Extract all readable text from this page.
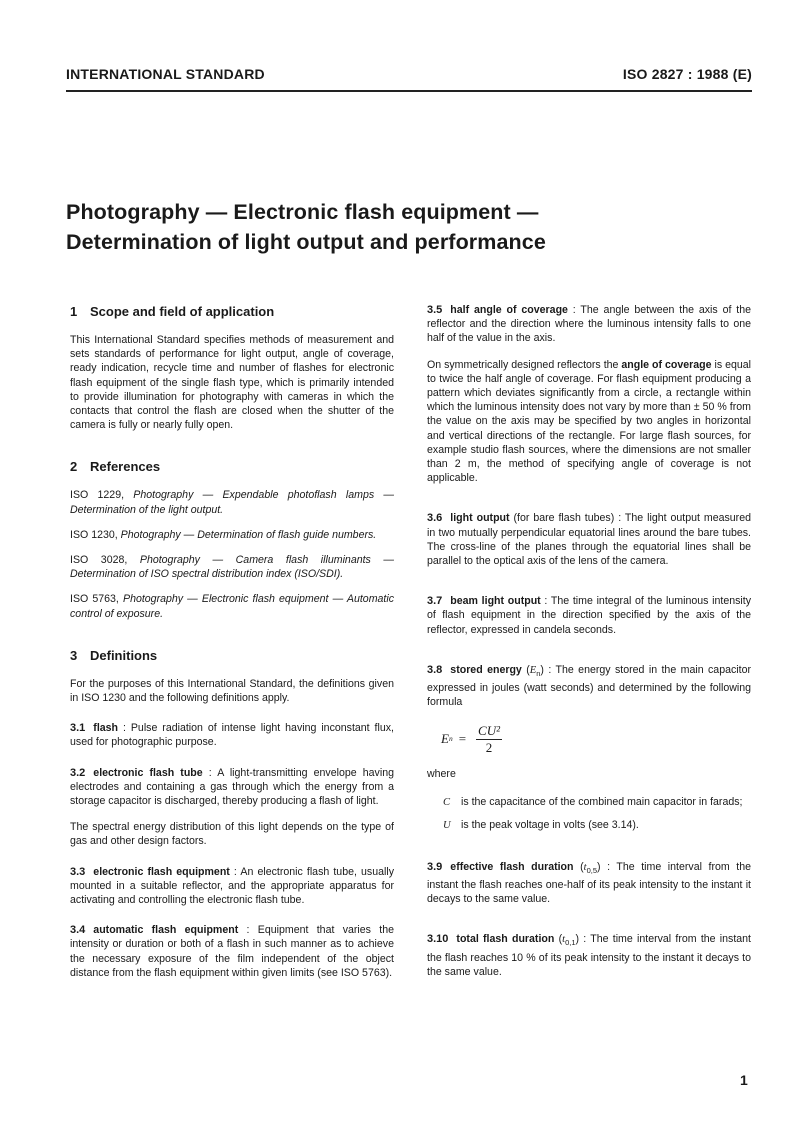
INTERNATIONAL STANDARD	ISO 2827 : 1988 (E)
Photography — Electronic flash equipment —
Determination of light output and performance
1 Scope and field of application

This International Standard specifies methods of measurement and sets standards of performance for light output, angle of coverage, ready indication, recycle time and number of flashes for electronic flash equipment of the single flash type, which is primarily intended to provide illumination for photography with cameras in which the contacts that control the flash are closed when the shutter of the camera is fully or nearly fully open.

2 References

ISO 1229, Photography — Expendable photoflash lamps — Determination of the light output.

ISO 1230, Photography — Determination of flash guide numbers.

ISO 3028, Photography — Camera flash illuminants — Determination of ISO spectral distribution index (ISO/SDI).

ISO 5763, Photography — Electronic flash equipment — Automatic control of exposure.

3 Definitions

For the purposes of this International Standard, the definitions given in ISO 1230 and the following definitions apply.

3.1 flash : Pulse radiation of intense light having inconstant flux, used for photographic purpose.

3.2 electronic flash tube : A light-transmitting envelope having electrodes and containing a gas through which the energy from a storage capacitor is discharged, thereby producing a flash of light.

The spectral energy distribution of this light depends on the type of gas and other design factors.

3.3 electronic flash equipment : An electronic flash tube, usually mounted in a suitable reflector, and the appropriate apparatus for activating and controlling the electronic flash tube.

3.4 automatic flash equipment : Equipment that varies the intensity or duration or both of a flash in such manner as to achieve the necessary exposure of the film independent of the object distance from the flash equipment within given limits (see ISO 5763).

3.5 half angle of coverage : The angle between the axis of the reflector and the direction where the luminous intensity falls to one half of the value in the axis.

On symmetrically designed reflectors the angle of coverage is equal to twice the half angle of coverage. For flash equipment producing a pattern which deviates significantly from a circle, a rectangle within which the luminous intensity does not vary by more than ± 50 % from the value on the axis may be specified by two angles in horizontal and vertical directions of the rectangle. For large flash sources, for example studio flash sources, where the dimensions are not smaller than 2 m, the method of specifying angle of coverage is not applicable.

3.6 light output (for bare flash tubes) : The light output measured in two mutually perpendicular equatorial lines around the bare tubes. The cross-line of the planes through the equatorial lines shall be parallel to the optical axis of the lens of the camera.

3.7 beam light output : The time integral of the luminous intensity of flash equipment in the direction specified by the axis of the reflector, expressed in candela seconds.

3.8 stored energy $(E_n)$ : The energy stored in the main capacitor expressed in joules (watt seconds) and determined by the following formula

E $n = \frac{\text{CU²}}{2}$

where

C is the capacitance of the combined main capacitor in farads;

U is the peak voltage in volts (see 3.14).

3.9 effective flash duration $(t_{0,5})$ : The time interval from the instant the flash reaches one-half of its peak intensity to the instant it decays to the same value.

3.10 total flash duration $(t_{0,1})$ : The time interval from the instant the flash reaches 10 % of its peak intensity to the instant it decays to the same value.

1
